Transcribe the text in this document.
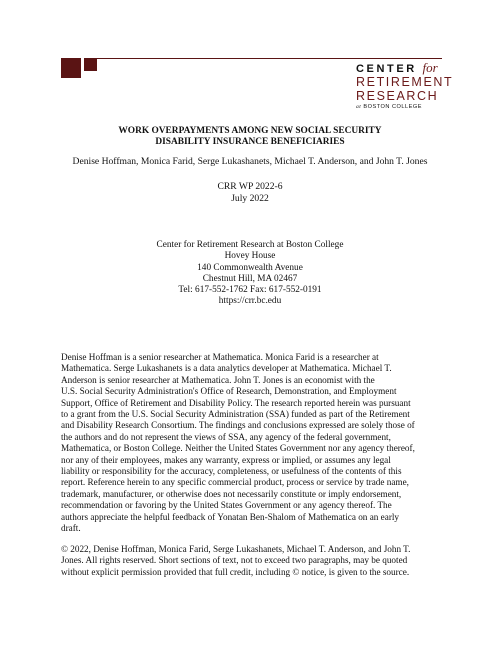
CENTER for
RETIREMENT
RESEARCH
at BOSTON COLLEGE
WORK OVERPAYMENTS AMONG NEW SOCIAL SECURITY
DISABILITY INSURANCE BENEFICIARIES
Denise Hoffman, Monica Farid, Serge Lukashanets, Michael T. Anderson, and John T. Jones
CRR WP 2022-6
July 2022
Center for Retirement Research at Boston College
Hovey House
140 Commonwealth Avenue
Chestnut Hill, MA 02467
Tel: 617-552-1762 Fax: 617-552-0191
https://crr.bc.edu
Denise Hoffman is a senior researcher at Mathematica. Monica Farid is a researcher at
Mathematica. Serge Lukashanets is a data analytics developer at Mathematica. Michael T.
Anderson is senior researcher at Mathematica. John T. Jones is an economist with the
U.S. Social Security Administration's Office of Research, Demonstration, and Employment
Support, Office of Retirement and Disability Policy. The research reported herein was pursuant
to a grant from the U.S. Social Security Administration (SSA) funded as part of the Retirement
and Disability Research Consortium. The findings and conclusions expressed are solely those of
the authors and do not represent the views of SSA, any agency of the federal government,
Mathematica, or Boston College. Neither the United States Government nor any agency thereof,
nor any of their employees, makes any warranty, express or implied, or assumes any legal
liability or responsibility for the accuracy, completeness, or usefulness of the contents of this
report. Reference herein to any specific commercial product, process or service by trade name,
trademark, manufacturer, or otherwise does not necessarily constitute or imply endorsement,
recommendation or favoring by the United States Government or any agency thereof. The
authors appreciate the helpful feedback of Yonatan Ben-Shalom of Mathematica on an early
draft.
© 2022, Denise Hoffman, Monica Farid, Serge Lukashanets, Michael T. Anderson, and John T.
Jones. All rights reserved. Short sections of text, not to exceed two paragraphs, may be quoted
without explicit permission provided that full credit, including © notice, is given to the source.
